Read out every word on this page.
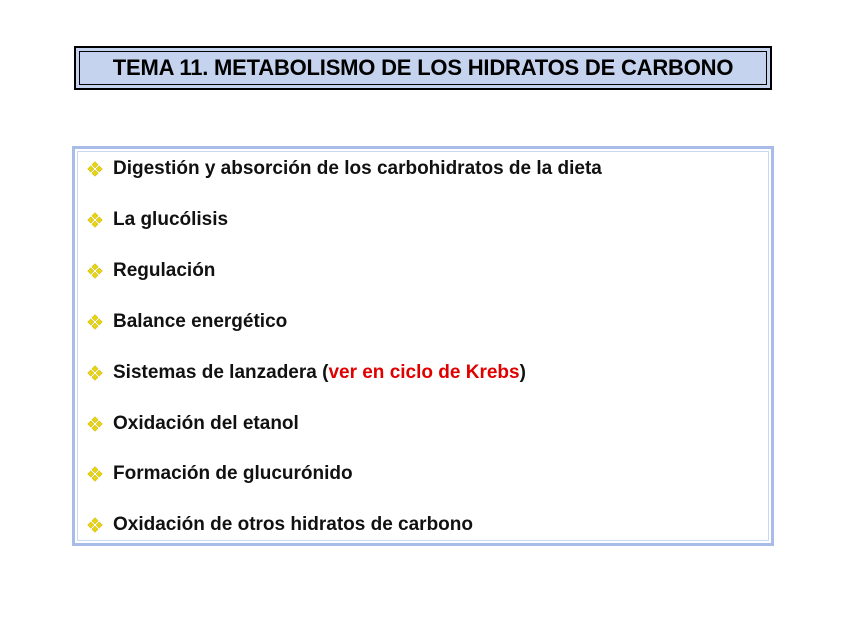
TEMA 11. METABOLISMO DE LOS HIDRATOS DE CARBONO
Digestión y absorción de los carbohidratos de la dieta
La glucólisis
Regulación
Balance energético
Sistemas de lanzadera ( ver en ciclo de Krebs )
Oxidación del etanol
Formación de glucurónido
Oxidación de otros hidratos de carbono
